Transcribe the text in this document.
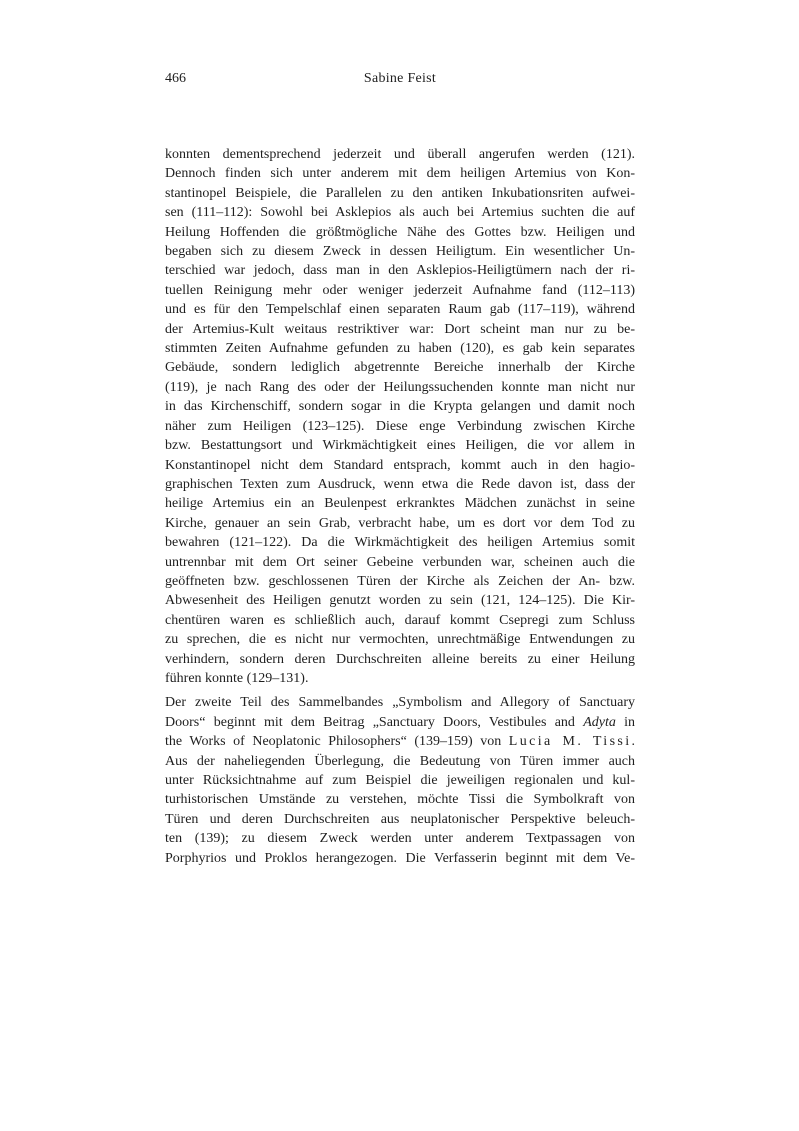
466	Sabine Feist
konnten dementsprechend jederzeit und überall angerufen werden (121).
Dennoch finden sich unter anderem mit dem heiligen Artemius von Kon-
stantinopel Beispiele, die Parallelen zu den antiken Inkubationsriten aufwei-
sen (111–112): Sowohl bei Asklepios als auch bei Artemius suchten die auf
Heilung Hoffenden die größtmögliche Nähe des Gottes bzw. Heiligen und
begaben sich zu diesem Zweck in dessen Heiligtum. Ein wesentlicher Un-
terschied war jedoch, dass man in den Asklepios-Heiligtümern nach der ri-
tuellen Reinigung mehr oder weniger jederzeit Aufnahme fand (112–113)
und es für den Tempelschlaf einen separaten Raum gab (117–119), während
der Artemius-Kult weitaus restriktiver war: Dort scheint man nur zu be-
stimmten Zeiten Aufnahme gefunden zu haben (120), es gab kein separates
Gebäude, sondern lediglich abgetrennte Bereiche innerhalb der Kirche
(119), je nach Rang des oder der Heilungssuchenden konnte man nicht nur
in das Kirchenschiff, sondern sogar in die Krypta gelangen und damit noch
näher zum Heiligen (123–125). Diese enge Verbindung zwischen Kirche
bzw. Bestattungsort und Wirkmächtigkeit eines Heiligen, die vor allem in
Konstantinopel nicht dem Standard entsprach, kommt auch in den hagio-
graphischen Texten zum Ausdruck, wenn etwa die Rede davon ist, dass der
heilige Artemius ein an Beulenpest erkranktes Mädchen zunächst in seine
Kirche, genauer an sein Grab, verbracht habe, um es dort vor dem Tod zu
bewahren (121–122). Da die Wirkmächtigkeit des heiligen Artemius somit
untrennbar mit dem Ort seiner Gebeine verbunden war, scheinen auch die
geöffneten bzw. geschlossenen Türen der Kirche als Zeichen der An- bzw.
Abwesenheit des Heiligen genutzt worden zu sein (121, 124–125). Die Kir-
chentüren waren es schließlich auch, darauf kommt Csepregi zum Schluss
zu sprechen, die es nicht nur vermochten, unrechtmäßige Entwendungen zu
verhindern, sondern deren Durchschreiten alleine bereits zu einer Heilung
führen konnte (129–131).
Der zweite Teil des Sammelbandes „Symbolism and Allegory of Sanctuary
Doors“ beginnt mit dem Beitrag „Sanctuary Doors, Vestibules and Adyta in
the Works of Neoplatonic Philosophers“ (139–159) von Lucia M. Tissi.
Aus der naheliegenden Überlegung, die Bedeutung von Türen immer auch
unter Rücksichtnahme auf zum Beispiel die jeweiligen regionalen und kul-
turhistorischen Umstände zu verstehen, möchte Tissi die Symbolkraft von
Türen und deren Durchschreiten aus neuplatonischer Perspektive beleuch-
ten (139); zu diesem Zweck werden unter anderem Textpassagen von
Porphyrios und Proklos herangezogen. Die Verfasserin beginnt mit dem Ve-
